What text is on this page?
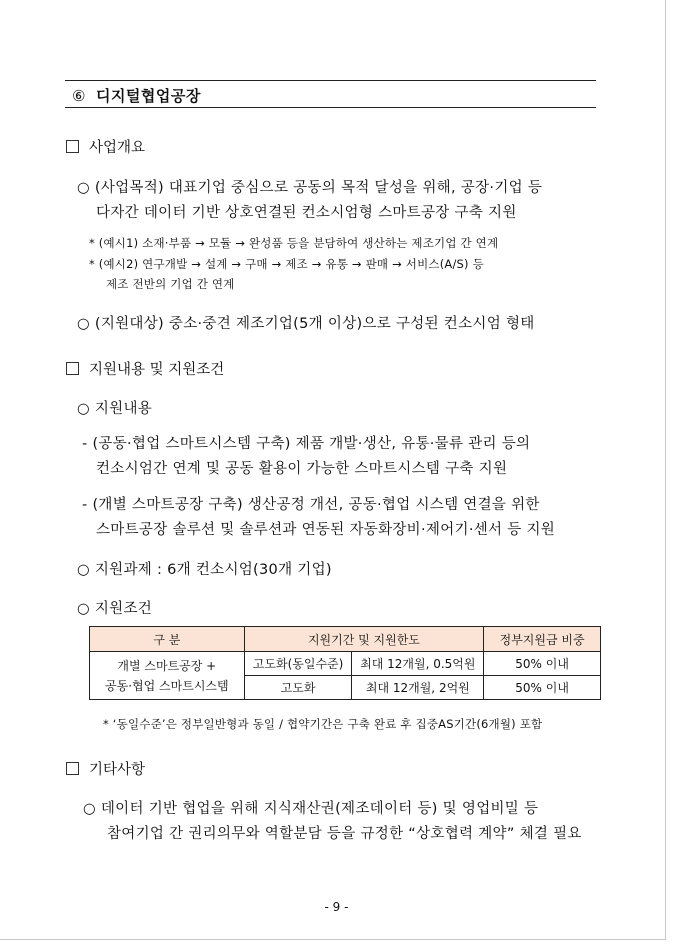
⑥ 디지털협업공장
사업개요
○ (사업목적) 대표기업 중심으로 공동의 목적 달성을 위해, 공장·기업 등
다자간 데이터 기반 상호연결된 컨소시엄형 스마트공장 구축 지원
* (예시1) 소재·부품 → 모듈 → 완성품 등을 분담하여 생산하는 제조기업 간 연계
* (예시2) 연구개발 → 설계 → 구매 → 제조 → 유통 → 판매 → 서비스(A/S) 등
제조 전반의 기업 간 연계
○ (지원대상) 중소·중견 제조기업(5개 이상)으로 구성된 컨소시엄 형태
지원내용 및 지원조건
○ 지원내용
- (공동·협업 스마트시스템 구축) 제품 개발·생산, 유통·물류 관리 등의
컨소시엄간 연계 및 공동 활용이 가능한 스마트시스템 구축 지원
- (개별 스마트공장 구축) 생산공정 개선, 공동·협업 시스템 연결을 위한
스마트공장 솔루션 및 솔루션과 연동된 자동화장비·제어기·센서 등 지원
○ 지원과제 : 6개 컨소시엄(30개 기업)
○ 지원조건
구 분	지원기간 및 지원한도		정부지원금 비중

개별 스마트공장 +
공동·협업 스마트시스템	고도화(동일수준)	최대 12개월, 0.5억원	50% 이내
	고도화	최대 12개월, 2억원	50% 이내
* ‘동일수준’은 정부일반형과 동일 / 협약기간은 구축 완료 후 집중AS기간(6개월) 포함
기타사항
○ 데이터 기반 협업을 위해 지식재산권(제조데이터 등) 및 영업비밀 등
참여기업 간 권리의무와 역할분담 등을 규정한 “상호협력 계약” 체결 필요
- 9 -
